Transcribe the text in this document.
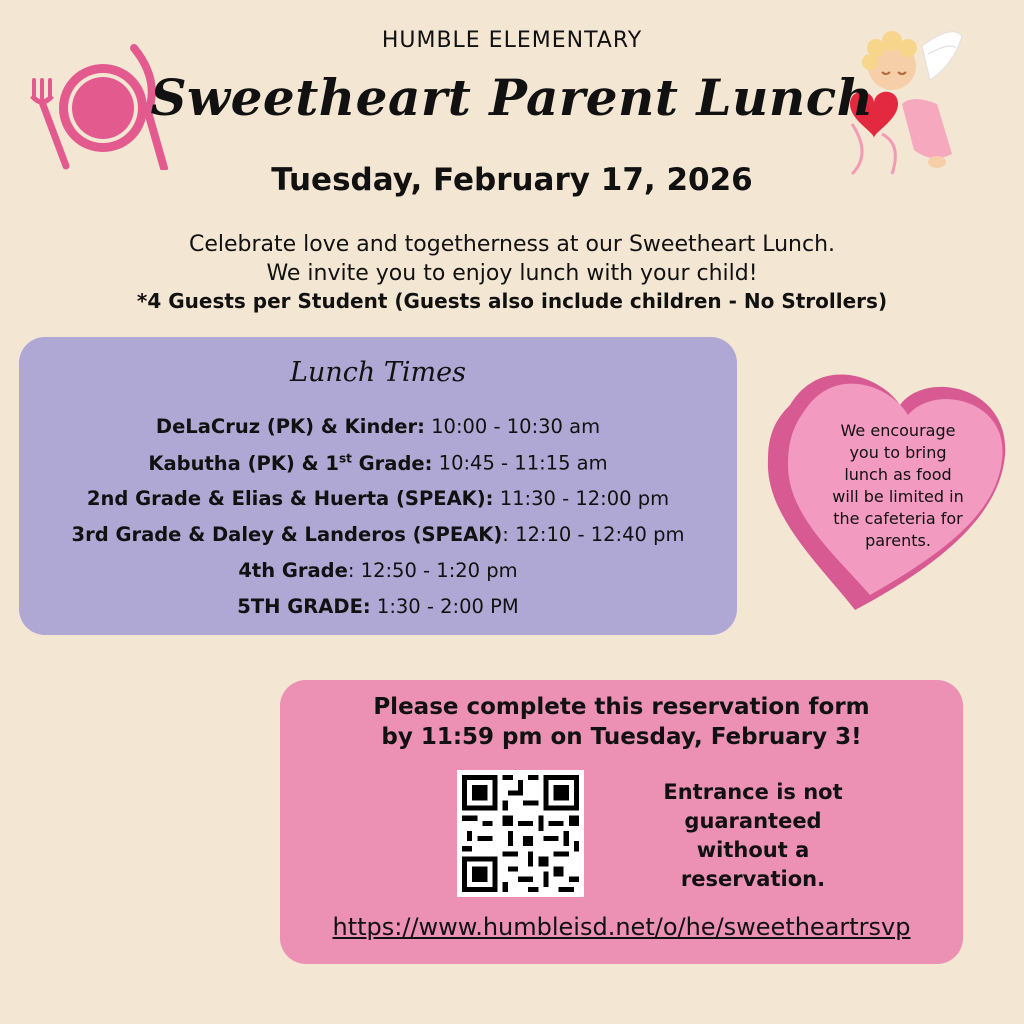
HUMBLE ELEMENTARY
Sweetheart Parent Lunch
Tuesday, February 17, 2026
Celebrate love and togetherness at our Sweetheart Lunch.
We invite you to enjoy lunch with your child!
*4 Guests per Student (Guests also include children - No Strollers)
Lunch Times
DeLaCruz (PK) & Kinder: 10:00 - 10:30 am
Kabutha (PK) & 1st Grade: 10:45 - 11:15 am
2nd Grade & Elias & Huerta (SPEAK): 11:30 - 12:00 pm
3rd Grade & Daley & Landeros (SPEAK): 12:10 - 12:40 pm
4th Grade: 12:50 - 1:20 pm
5TH GRADE: 1:30 - 2:00 PM
We encourage
you to bring
lunch as food
will be limited in
the cafeteria for
parents.
Please complete this reservation form
by 11:59 pm on Tuesday, February 3!
Entrance is not
guaranteed
without a
reservation.
https://www.humbleisd.net/o/he/sweetheartrsvp
